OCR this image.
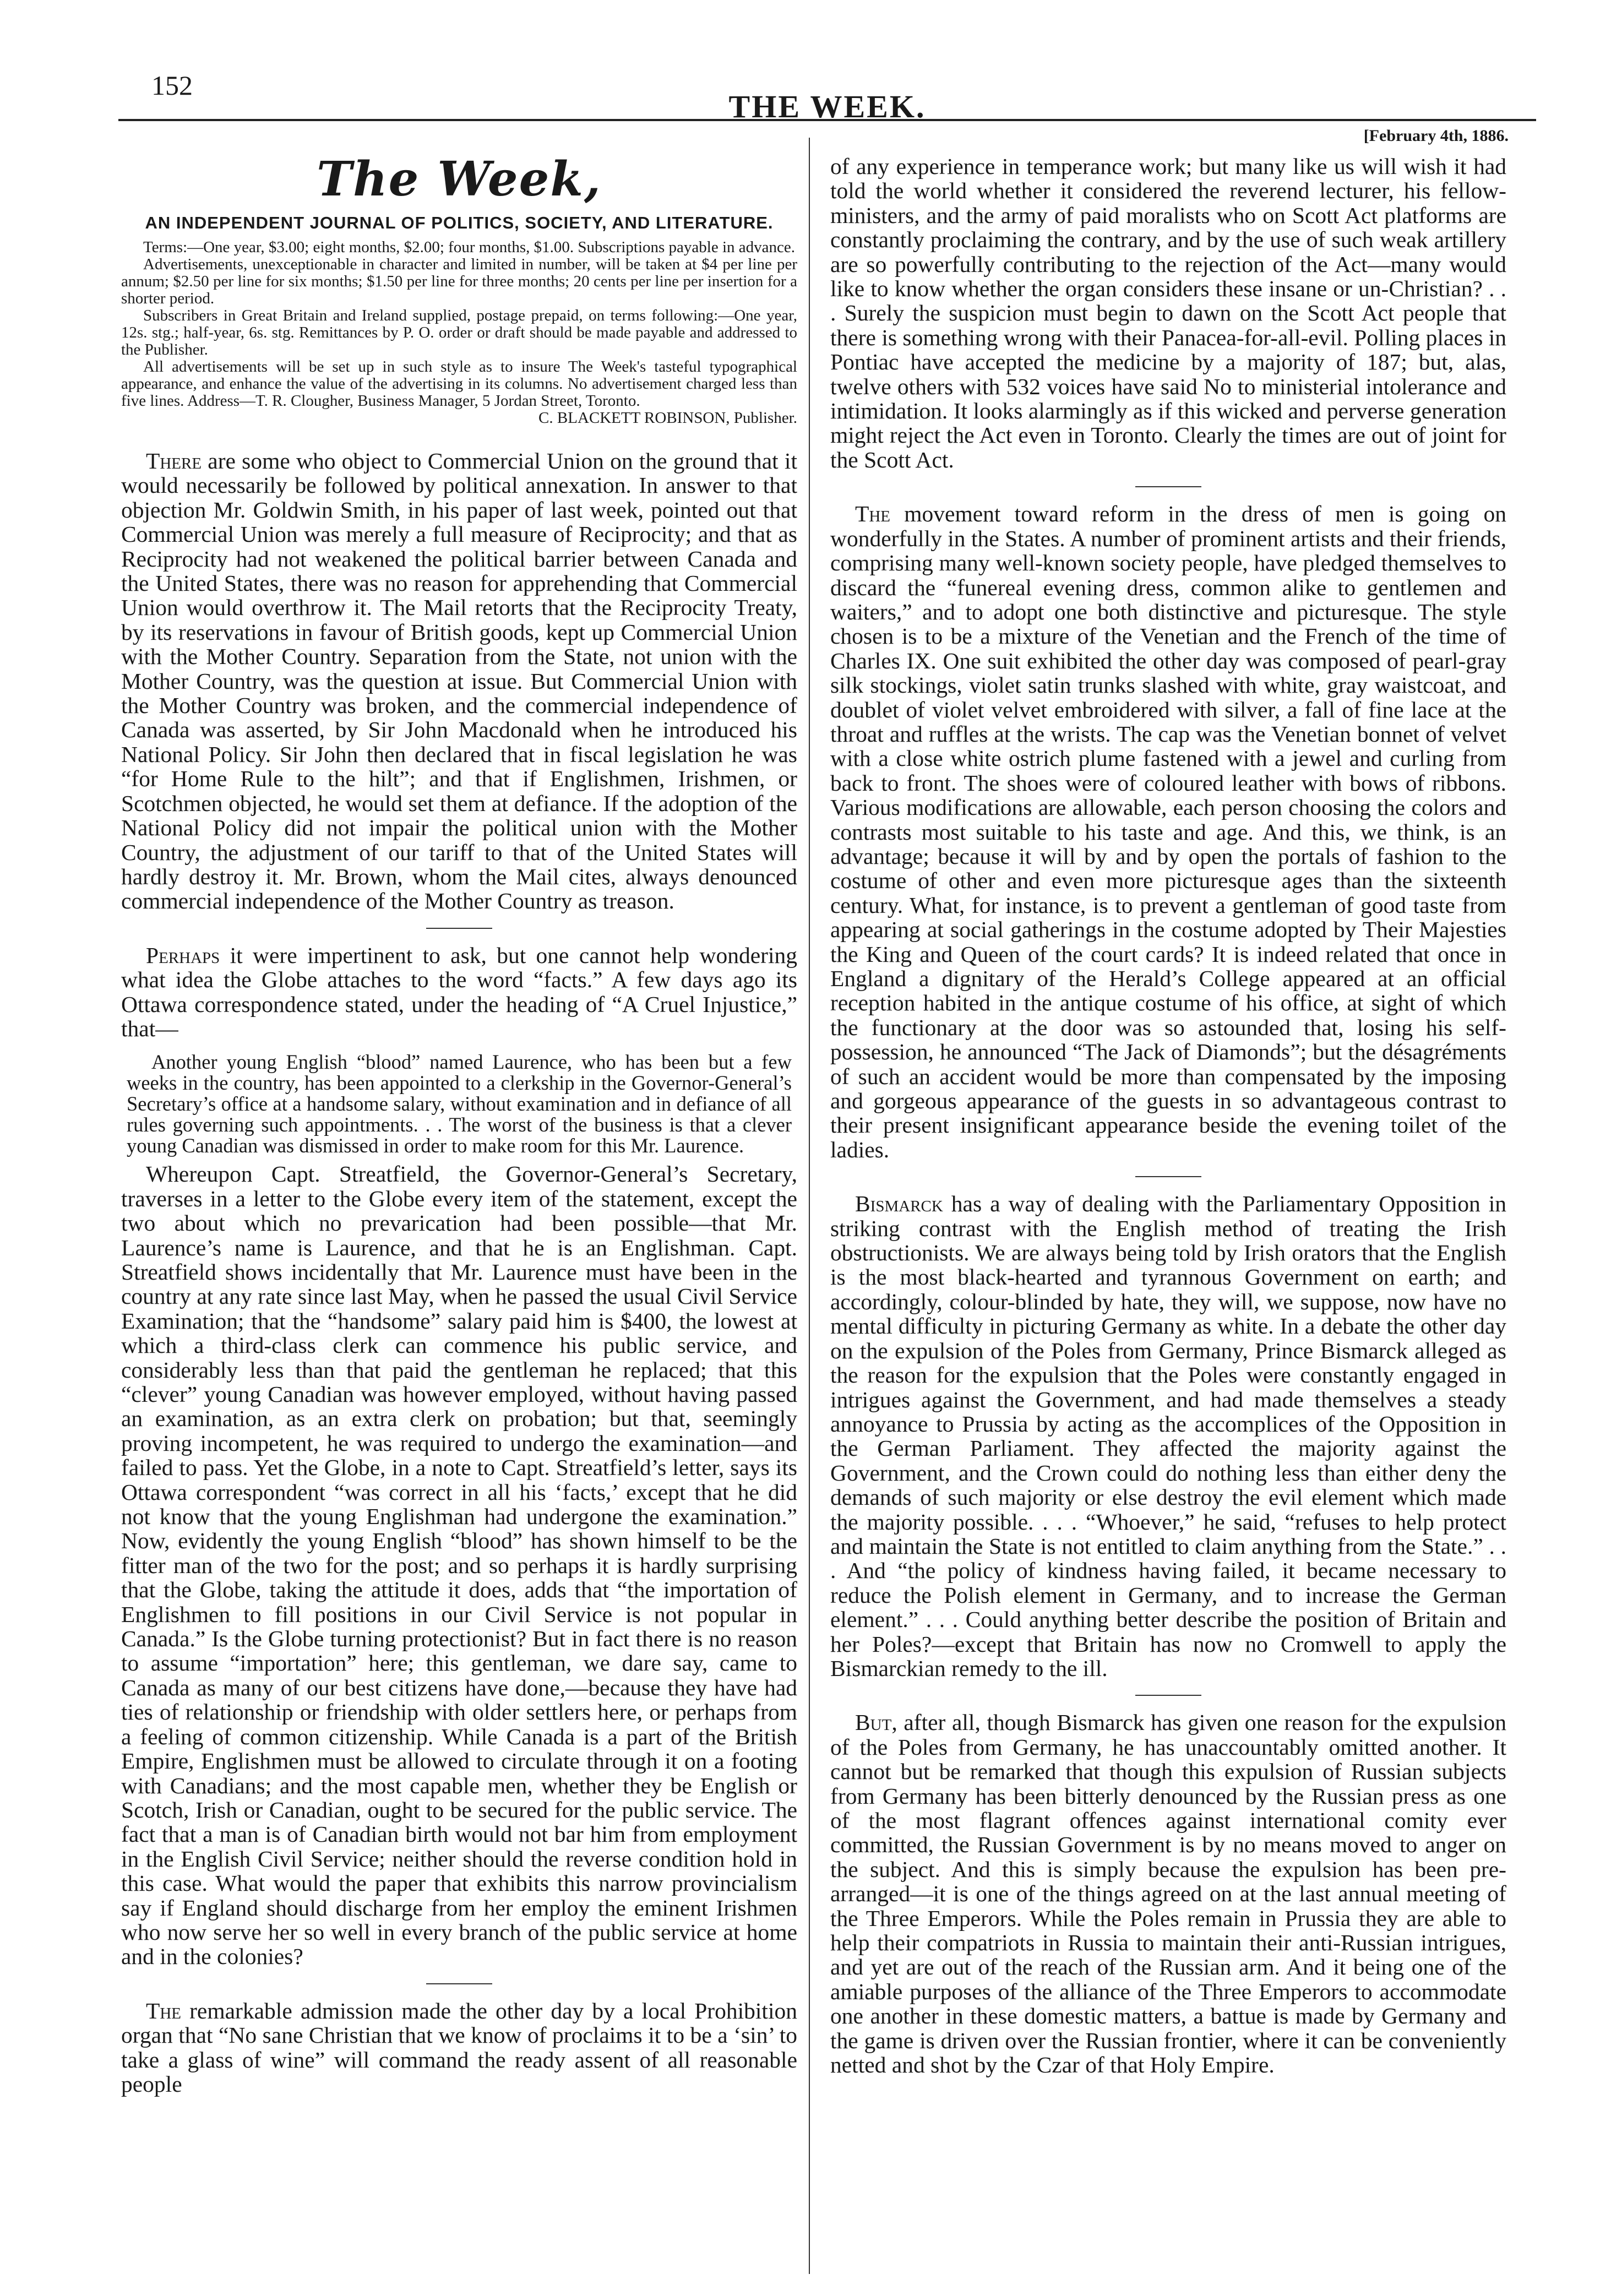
152
THE WEEK.
[February 4th, 1886.
The Week,
AN INDEPENDENT JOURNAL OF POLITICS, SOCIETY, AND LITERATURE.

Terms:—One year, $3.00; eight months, $2.00; four months, $1.00. Subscriptions payable in advance.

Advertisements, unexceptionable in character and limited in number, will be taken at $4 per line per annum; $2.50 per line for six months; $1.50 per line for three months; 20 cents per line per insertion for a shorter period.

Subscribers in Great Britain and Ireland supplied, postage prepaid, on terms following:—One year, 12s. stg.; half-year, 6s. stg. Remittances by P. O. order or draft should be made payable and addressed to the Publisher.

All advertisements will be set up in such style as to insure The Week's tasteful typographical appearance, and enhance the value of the advertising in its columns. No advertisement charged less than five lines. Address—T. R. Clougher, Business Manager, 5 Jordan Street, Toronto.

C. BLACKETT ROBINSON, Publisher.

There are some who object to Commercial Union on the ground that it would necessarily be followed by political annexation. In answer to that objection Mr. Goldwin Smith, in his paper of last week, pointed out that Commercial Union was merely a full measure of Reciprocity; and that as Reciprocity had not weakened the political barrier between Canada and the United States, there was no reason for apprehending that Commercial Union would overthrow it. The Mail retorts that the Reciprocity Treaty, by its reservations in favour of British goods, kept up Commercial Union with the Mother Country. Separation from the State, not union with the Mother Country, was the question at issue. But Commercial Union with the Mother Country was broken, and the commercial independence of Canada was asserted, by Sir John Macdonald when he introduced his National Policy. Sir John then declared that in fiscal legislation he was “for Home Rule to the hilt”; and that if Englishmen, Irishmen, or Scotchmen objected, he would set them at defiance. If the adoption of the National Policy did not impair the political union with the Mother Country, the adjustment of our tariff to that of the United States will hardly destroy it. Mr. Brown, whom the Mail cites, always denounced commercial independence of the Mother Country as treason.

Perhaps it were impertinent to ask, but one cannot help wondering what idea the Globe attaches to the word “facts.” A few days ago its Ottawa correspondence stated, under the heading of “A Cruel Injustice,” that—

Another young English “blood” named Laurence, who has been but a few weeks in the country, has been appointed to a clerkship in the Governor-General’s Secretary’s office at a handsome salary, without examination and in defiance of all rules governing such appointments. . . The worst of the business is that a clever young Canadian was dismissed in order to make room for this Mr. Laurence.

Whereupon Capt. Streatfield, the Governor-General’s Secretary, traverses in a letter to the Globe every item of the statement, except the two about which no prevarication had been possible—that Mr. Laurence’s name is Laurence, and that he is an Englishman. Capt. Streatfield shows incidentally that Mr. Laurence must have been in the country at any rate since last May, when he passed the usual Civil Service Examination; that the “handsome” salary paid him is $400, the lowest at which a third-class clerk can commence his public service, and considerably less than that paid the gentleman he replaced; that this “clever” young Canadian was however employed, without having passed an examination, as an extra clerk on probation; but that, seemingly proving incompetent, he was required to undergo the examination—and failed to pass. Yet the Globe, in a note to Capt. Streatfield’s letter, says its Ottawa correspondent “was correct in all his ‘facts,’ except that he did not know that the young Englishman had undergone the examination.” Now, evidently the young English “blood” has shown himself to be the fitter man of the two for the post; and so perhaps it is hardly surprising that the Globe, taking the attitude it does, adds that “the importation of Englishmen to fill positions in our Civil Service is not popular in Canada.” Is the Globe turning protectionist? But in fact there is no reason to assume “importation” here; this gentleman, we dare say, came to Canada as many of our best citizens have done,—because they have had ties of relationship or friendship with older settlers here, or perhaps from a feeling of common citizenship. While Canada is a part of the British Empire, Englishmen must be allowed to circulate through it on a footing with Canadians; and the most capable men, whether they be English or Scotch, Irish or Canadian, ought to be secured for the public service. The fact that a man is of Canadian birth would not bar him from employment in the English Civil Service; neither should the reverse condition hold in this case. What would the paper that exhibits this narrow provincialism say if England should discharge from her employ the eminent Irishmen who now serve her so well in every branch of the public service at home and in the colonies?

The remarkable admission made the other day by a local Prohibition organ that “No sane Christian that we know of proclaims it to be a ‘sin’ to take a glass of wine” will command the ready assent of all reasonable people

of any experience in temperance work; but many like us will wish it had told the world whether it considered the reverend lecturer, his fellow-ministers, and the army of paid moralists who on Scott Act platforms are constantly proclaiming the contrary, and by the use of such weak artillery are so powerfully contributing to the rejection of the Act—many would like to know whether the organ considers these insane or un-Christian? . . . Surely the suspicion must begin to dawn on the Scott Act people that there is something wrong with their Panacea-for-all-evil. Polling places in Pontiac have accepted the medicine by a majority of 187; but, alas, twelve others with 532 voices have said No to ministerial intolerance and intimidation. It looks alarmingly as if this wicked and perverse generation might reject the Act even in Toronto. Clearly the times are out of joint for the Scott Act.

The movement toward reform in the dress of men is going on wonderfully in the States. A number of prominent artists and their friends, comprising many well-known society people, have pledged themselves to discard the “funereal evening dress, common alike to gentlemen and waiters,” and to adopt one both distinctive and picturesque. The style chosen is to be a mixture of the Venetian and the French of the time of Charles IX. One suit exhibited the other day was composed of pearl-gray silk stockings, violet satin trunks slashed with white, gray waistcoat, and doublet of violet velvet embroidered with silver, a fall of fine lace at the throat and ruffles at the wrists. The cap was the Venetian bonnet of velvet with a close white ostrich plume fastened with a jewel and curling from back to front. The shoes were of coloured leather with bows of ribbons. Various modifications are allowable, each person choosing the colors and contrasts most suitable to his taste and age. And this, we think, is an advantage; because it will by and by open the portals of fashion to the costume of other and even more picturesque ages than the sixteenth century. What, for instance, is to prevent a gentleman of good taste from appearing at social gatherings in the costume adopted by Their Majesties the King and Queen of the court cards? It is indeed related that once in England a dignitary of the Herald’s College appeared at an official reception habited in the antique costume of his office, at sight of which the functionary at the door was so astounded that, losing his self-possession, he announced “The Jack of Diamonds”; but the désagréments of such an accident would be more than compensated by the imposing and gorgeous appearance of the guests in so advantageous contrast to their present insignificant appearance beside the evening toilet of the ladies.

Bismarck has a way of dealing with the Parliamentary Opposition in striking contrast with the English method of treating the Irish obstructionists. We are always being told by Irish orators that the English is the most black-hearted and tyrannous Government on earth; and accordingly, colour-blinded by hate, they will, we suppose, now have no mental difficulty in picturing Germany as white. In a debate the other day on the expulsion of the Poles from Germany, Prince Bismarck alleged as the reason for the expulsion that the Poles were constantly engaged in intrigues against the Government, and had made themselves a steady annoyance to Prussia by acting as the accomplices of the Opposition in the German Parliament. They affected the majority against the Government, and the Crown could do nothing less than either deny the demands of such majority or else destroy the evil element which made the majority possible. . . . “Whoever,” he said, “refuses to help protect and maintain the State is not entitled to claim anything from the State.” . . . And “the policy of kindness having failed, it became necessary to reduce the Polish element in Germany, and to increase the German element.” . . . Could anything better describe the position of Britain and her Poles?—except that Britain has now no Cromwell to apply the Bismarckian remedy to the ill.

But, after all, though Bismarck has given one reason for the expulsion of the Poles from Germany, he has unaccountably omitted another. It cannot but be remarked that though this expulsion of Russian subjects from Germany has been bitterly denounced by the Russian press as one of the most flagrant offences against international comity ever committed, the Russian Government is by no means moved to anger on the subject. And this is simply because the expulsion has been pre-arranged—it is one of the things agreed on at the last annual meeting of the Three Emperors. While the Poles remain in Prussia they are able to help their compatriots in Russia to maintain their anti-Russian intrigues, and yet are out of the reach of the Russian arm. And it being one of the amiable purposes of the alliance of the Three Emperors to accommodate one another in these domestic matters, a battue is made by Germany and the game is driven over the Russian frontier, where it can be conveniently netted and shot by the Czar of that Holy Empire.
